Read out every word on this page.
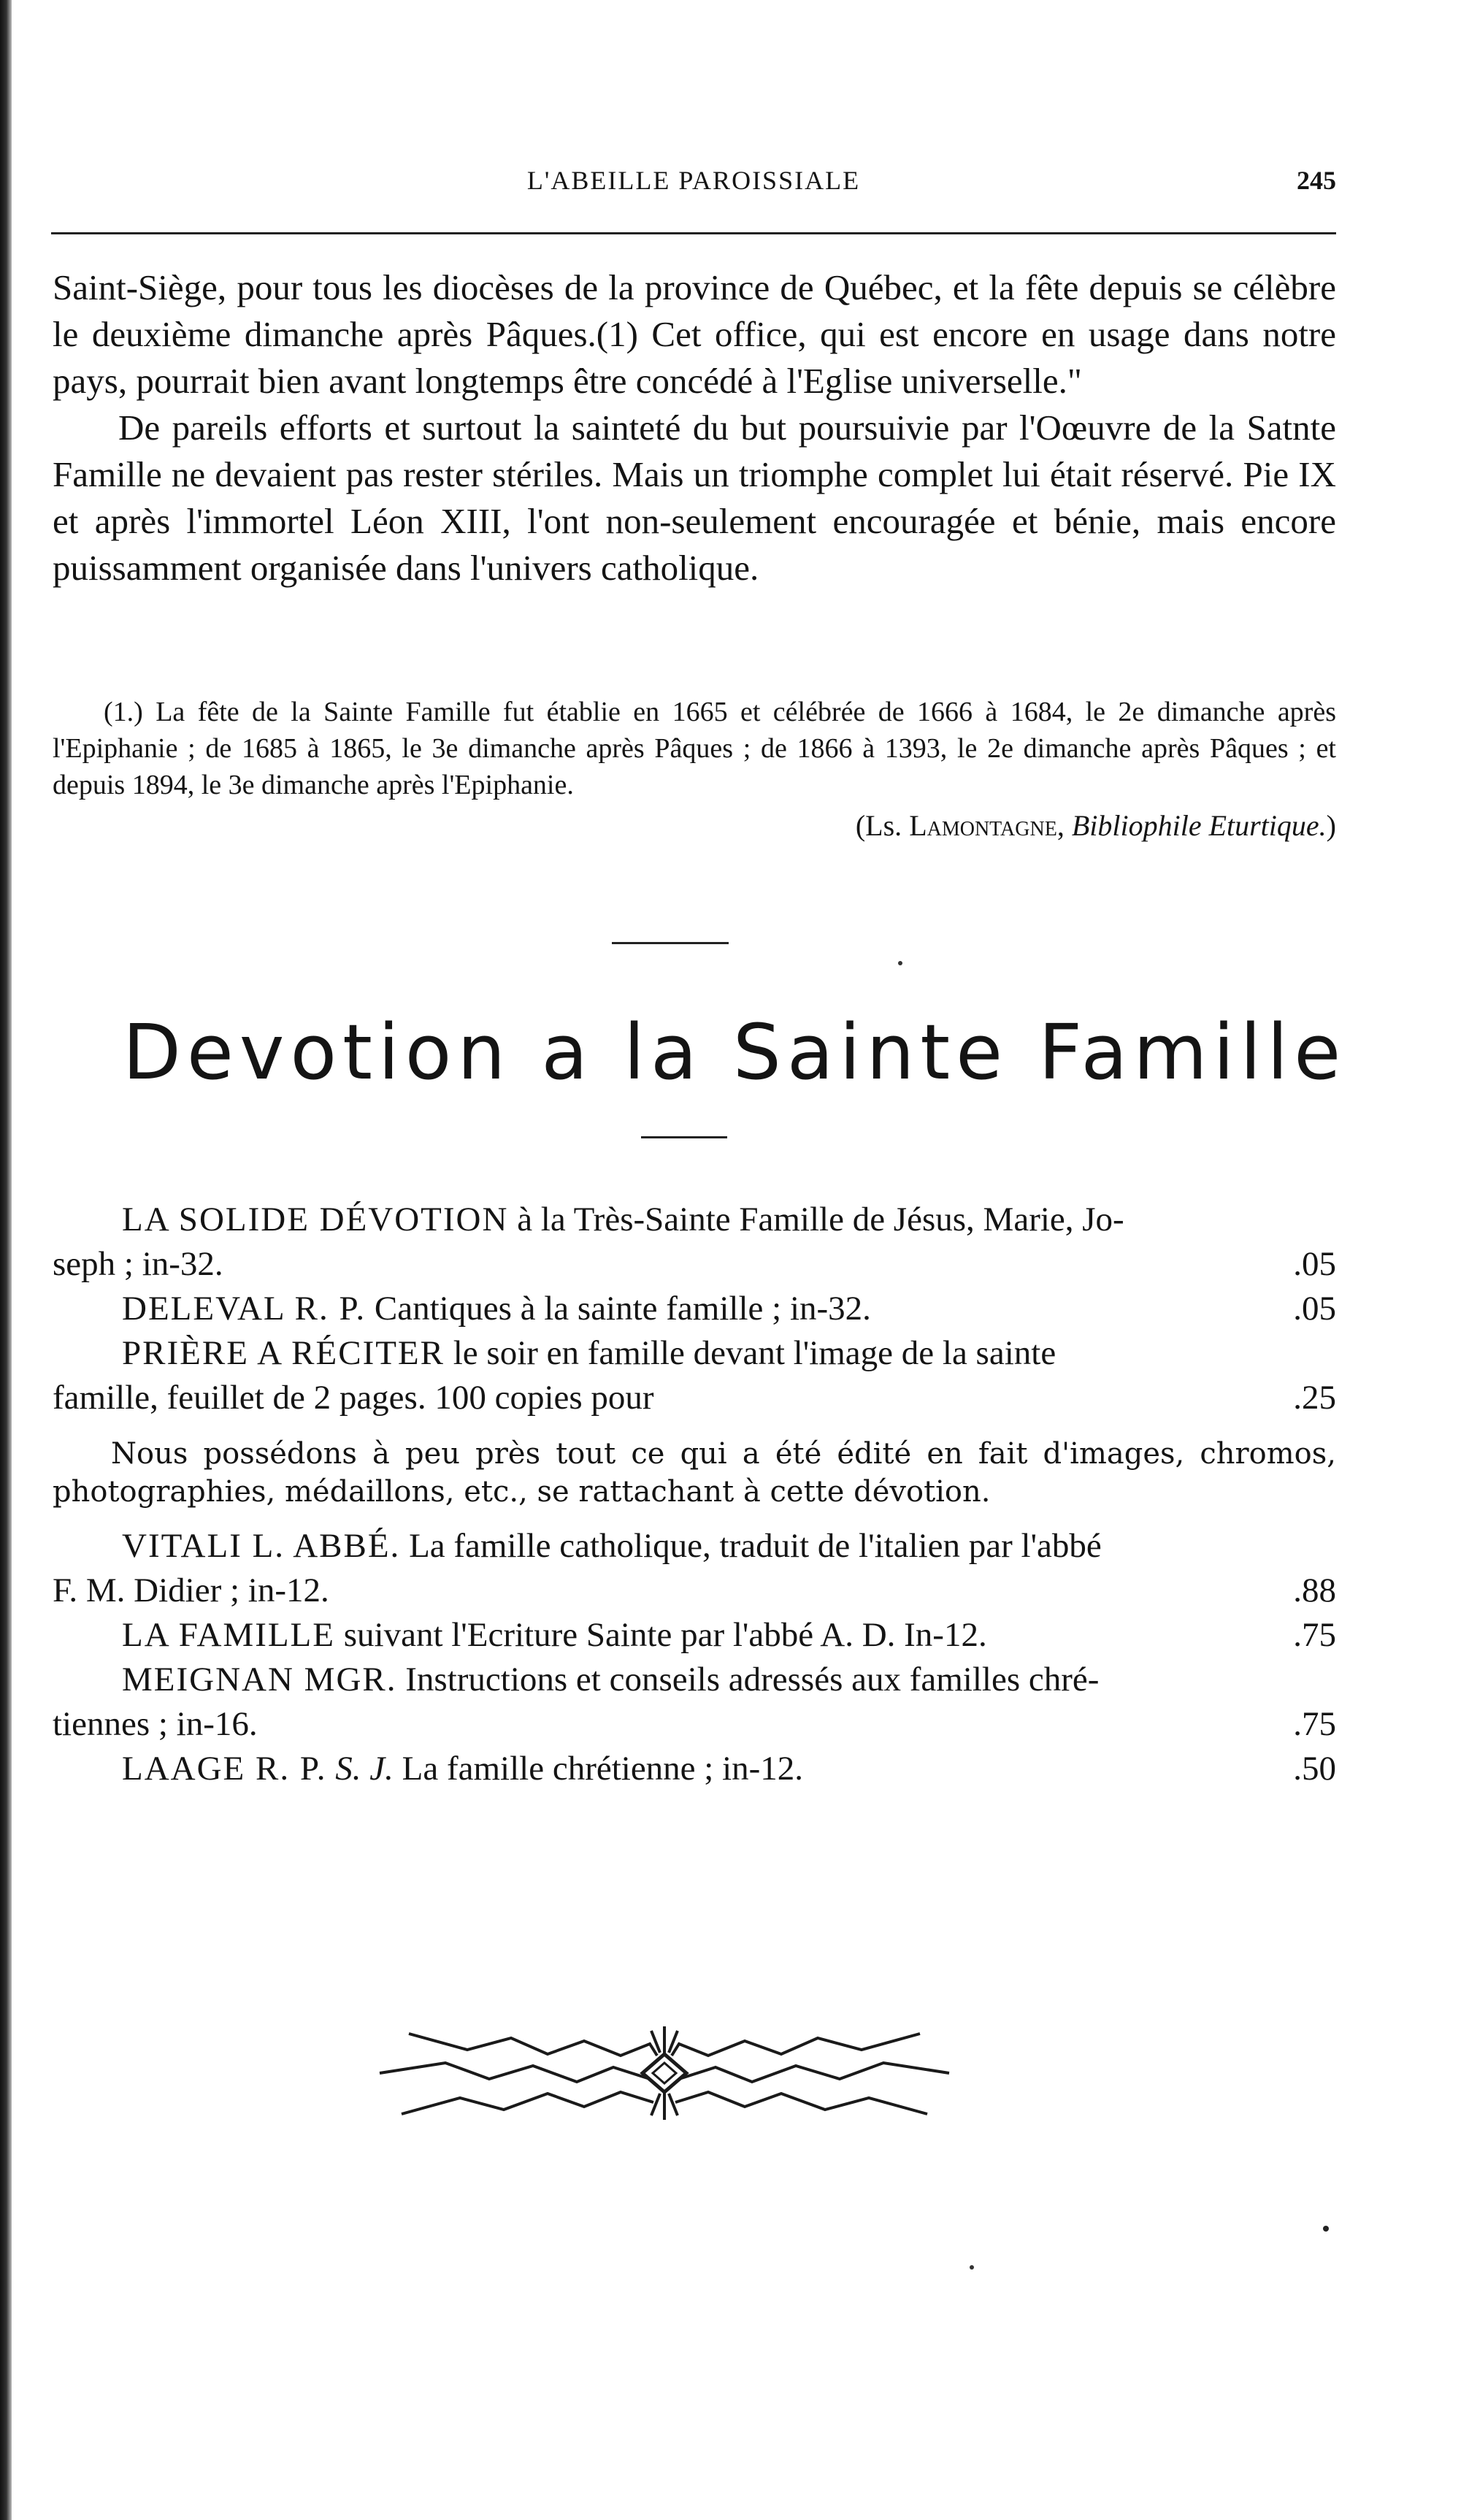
L'ABEILLE PAROISSIALE	245

Saint-Siège, pour tous les diocèses de la province de Québec, et la fête depuis se célèbre le deuxième dimanche après Pâques.(1) Cet office, qui est encore en usage dans notre pays, pourrait bien avant longtemps être concédé à l'Eglise universelle."

De pareils efforts et surtout la sainteté du but poursuivie par l'Oœuvre de la Satnte Famille ne devaient pas rester stériles. Mais un triomphe complet lui était réservé. Pie IX et après l'immortel Léon XIII, l'ont non-seulement encouragée et bénie, mais encore puissamment organisée dans l'univers catholique.

(1.) La fête de la Sainte Famille fut établie en 1665 et célébrée de 1666 à 1684, le 2e dimanche après l'Epiphanie ; de 1685 à 1865, le 3e dimanche après Pâques ; de 1866 à 1393, le 2e dimanche après Pâques ; et depuis 1894, le 3e dimanche après l'Epiphanie.

(Ls. Lamontagne, Bibliophile Eturtique.)
Devotion a la Sainte Famille
LA SOLIDE DÉVOTION à la Très-Sainte Famille de Jésus, Marie, Jo-
seph ; in-32.	.05
DELEVAL R. P. Cantiques à la sainte famille ; in-32.	.05
PRIÈRE A RÉCITER le soir en famille devant l'image de la sainte
famille, feuillet de 2 pages. 100 copies pour	.25
Nous possédons à peu près tout ce qui a été édité en fait d'images, chromos, photographies, médaillons, etc., se rattachant à cette dévotion.
VITALI L. ABBÉ. La famille catholique, traduit de l'italien par l'abbé
F. M. Didier ; in-12.	.88
LA FAMILLE suivant l'Ecriture Sainte par l'abbé A. D. In-12.	.75
MEIGNAN MGR. Instructions et conseils adressés aux familles chré-
tiennes ; in-16.	.75
LAAGE R. P. S. J. La famille chrétienne ; in-12.	.50
